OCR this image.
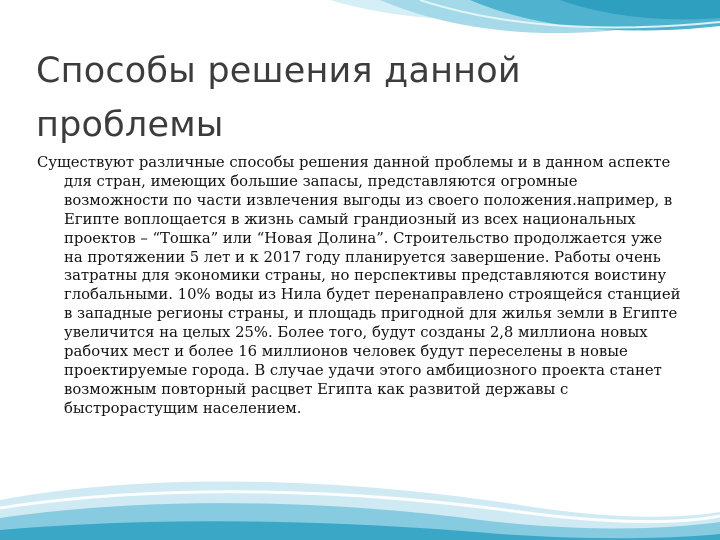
Способы решения данной проблемы

Существуют различные способы решения данной проблемы и в данном аспекте для стран, имеющих большие запасы, представляются огромные возможности по части извлечения выгоды из своего положения.например, в Египте воплощается в жизнь самый грандиозный из всех национальных проектов – “Тошка” или “Новая Долина”. Строительство продолжается уже на протяжении 5 лет и к 2017 году планируется завершение. Работы очень затратны для экономики страны, но перспективы представляются воистину глобальными. 10% воды из Нила будет перенаправлено строящейся станцией в западные регионы страны, и площадь пригодной для жилья земли в Египте увеличится на целых 25%. Более того, будут созданы 2,8 миллиона новых рабочих мест и более 16 миллионов человек будут переселены в новые проектируемые города. В случае удачи этого амбициозного проекта станет возможным повторный расцвет Египта как развитой державы с быстрорастущим населением.
